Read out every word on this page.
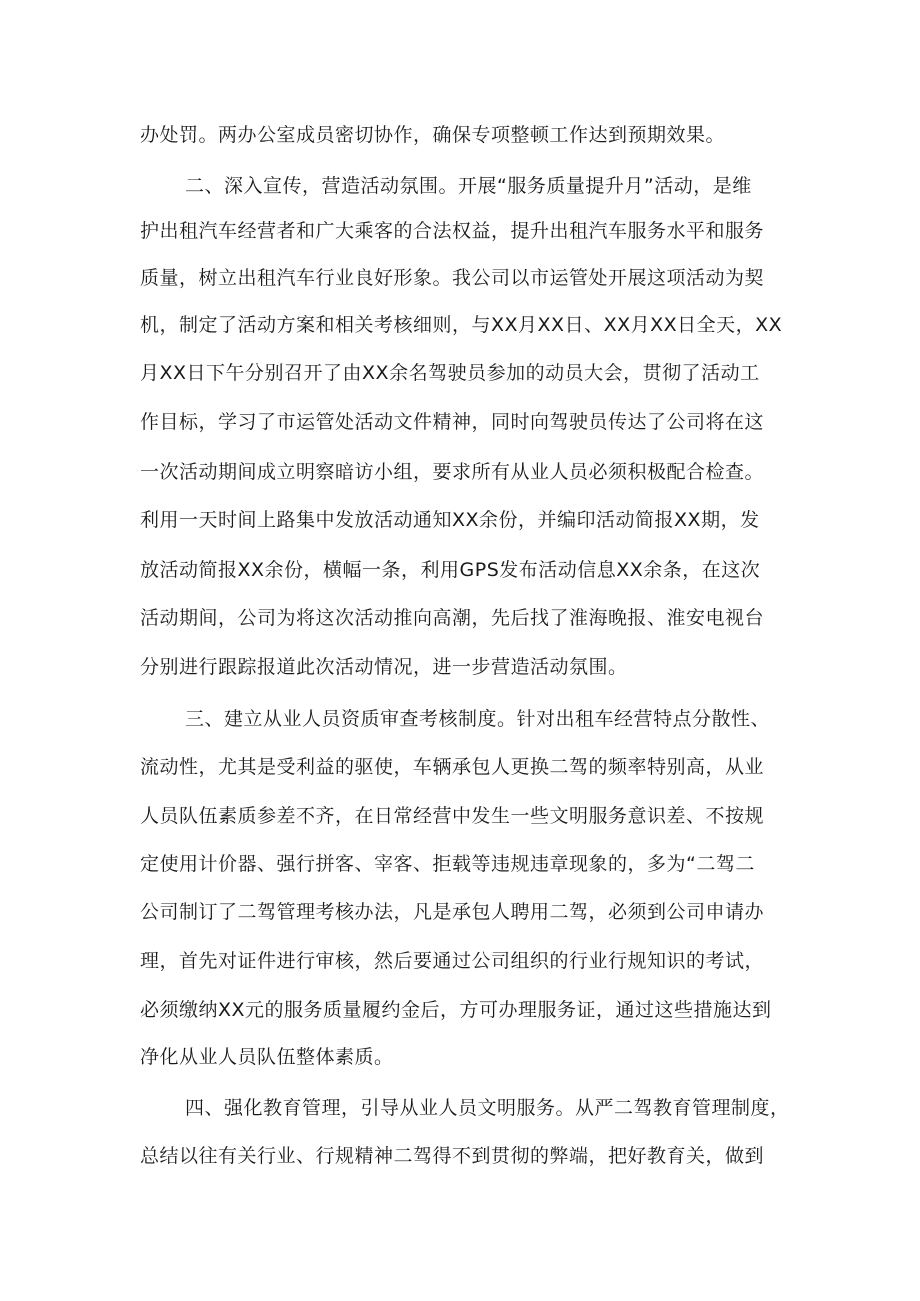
办处罚。两办公室成员密切协作，确保专项整顿工作达到预期效果。
二、深入宣传，营造活动氛围。开展“服务质量提升月”活动，是维
护出租汽车经营者和广大乘客的合法权益，提升出租汽车服务水平和服务
质量，树立出租汽车行业良好形象。我公司以市运管处开展这项活动为契
机，制定了活动方案和相关考核细则，与XX月XX日、XX月XX日全天，XX
月XX日下午分别召开了由XX余名驾驶员参加的动员大会，贯彻了活动工
作目标，学习了市运管处活动文件精神，同时向驾驶员传达了公司将在这
一次活动期间成立明察暗访小组，要求所有从业人员必须积极配合检查。
利用一天时间上路集中发放活动通知XX余份，并编印活动简报XX期，发
放活动简报XX余份，横幅一条，利用GPS发布活动信息XX余条，在这次
活动期间，公司为将这次活动推向高潮，先后找了淮海晚报、淮安电视台
分别进行跟踪报道此次活动情况，进一步营造活动氛围。
三、建立从业人员资质审查考核制度。针对出租车经营特点分散性、
流动性，尤其是受利益的驱使，车辆承包人更换二驾的频率特别高，从业
人员队伍素质参差不齐，在日常经营中发生一些文明服务意识差、不按规
定使用计价器、强行拼客、宰客、拒载等违规违章现象的，多为“二驾二
公司制订了二驾管理考核办法，凡是承包人聘用二驾，必须到公司申请办
理，首先对证件进行审核，然后要通过公司组织的行业行规知识的考试，
必须缴纳XX元的服务质量履约金后，方可办理服务证，通过这些措施达到
净化从业人员队伍整体素质。
四、强化教育管理，引导从业人员文明服务。从严二驾教育管理制度，
总结以往有关行业、行规精神二驾得不到贯彻的弊端，把好教育关，做到
